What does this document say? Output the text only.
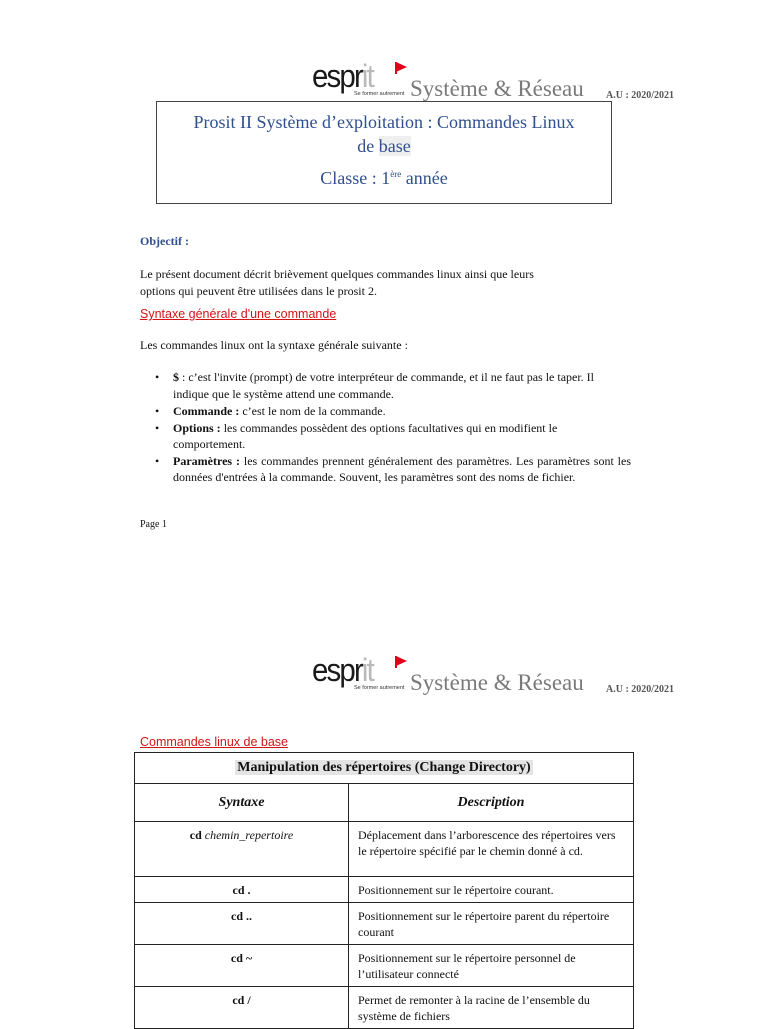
esprit
Se former autrement Système & Réseau A.U : 2020/2021
Prosit II Système d’exploitation : Commandes Linux
de base
Classe : 1ère année
Objectif :
Le présent document décrit brièvement quelques commandes linux ainsi que leurs
options qui peuvent être utilisées dans le prosit 2.
Syntaxe générale d'une commande
Les commandes linux ont la syntaxe générale suivante :
• $ : c’est l'invite (prompt) de votre interpréteur de commande, et il ne faut pas le taper. Il indique que le système attend une commande.
• Commande : c’est le nom de la commande.
• Options : les commandes possèdent des options facultatives qui en modifient le comportement.
• Paramètres : les commandes prennent généralement des paramètres. Les paramètres sont les données d'entrées à la commande. Souvent, les paramètres sont des noms de fichier.
Page 1
esprit
Se former autrement Système & Réseau A.U : 2020/2021
Commandes linux de base
Manipulation des répertoires (Change Directory)	
Syntaxe	Description
cd chemin_repertoire	Déplacement dans l’arborescence des répertoires vers le répertoire spécifié par le chemin donné à cd.
cd .	Positionnement sur le répertoire courant.
cd ..	Positionnement sur le répertoire parent du répertoire courant
cd ~	Positionnement sur le répertoire personnel de l’utilisateur connecté
cd /	Permet de remonter à la racine de l’ensemble du système de fichiers
